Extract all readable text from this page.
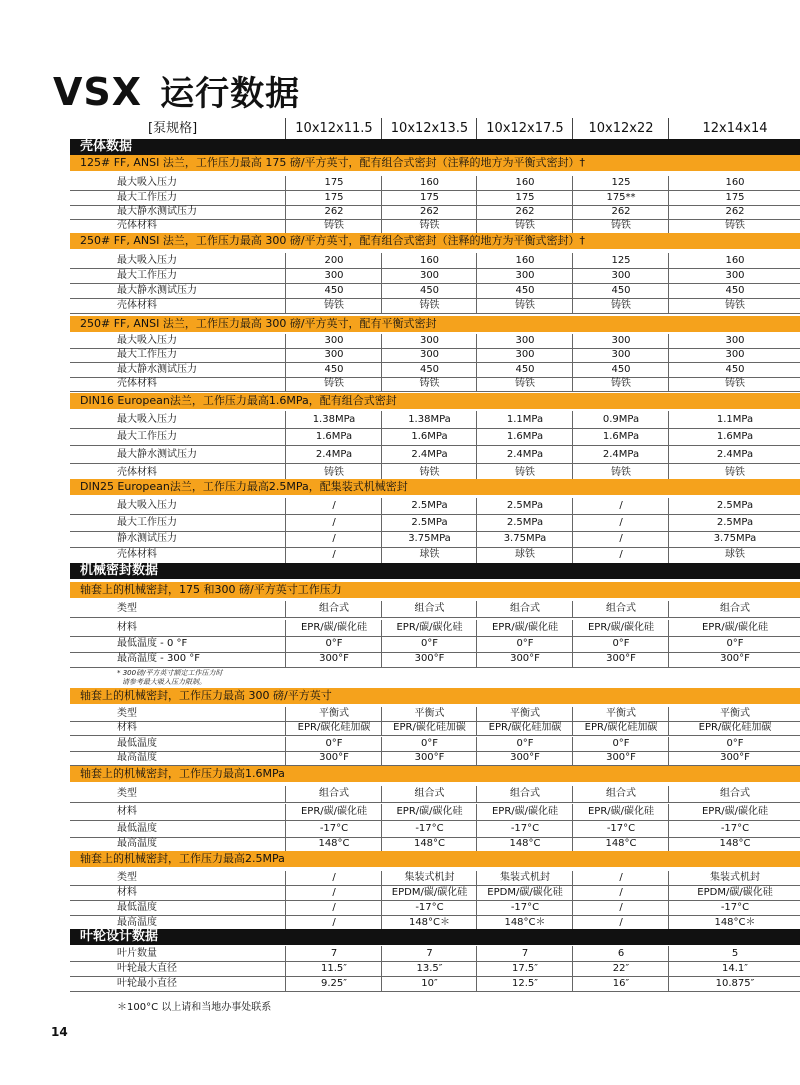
VSX 运行数据
[泵规格]	10x12x11.5	10x12x13.5	10x12x17.5	10x12x22	12x14x14
＊100°C 以上请和当地办事处联系
14
壳体数据
125# FF, ANSI 法兰，工作压力最高 175 磅/平方英寸，配有组合式密封（注释的地方为平衡式密封）†
最大吸入压力	175	160	160	125	160
最大工作压力	175	175	175	175**	175
最大静水测试压力	262	262	262	262	262
壳体材料	铸铁	铸铁	铸铁	铸铁	铸铁
250# FF, ANSI 法兰，工作压力最高 300 磅/平方英寸，配有组合式密封（注释的地方为平衡式密封）†
最大吸入压力	200	160	160	125	160
最大工作压力	300	300	300	300	300
最大静水测试压力	450	450	450	450	450
壳体材料	铸铁	铸铁	铸铁	铸铁	铸铁
250# FF, ANSI 法兰，工作压力最高 300 磅/平方英寸，配有平衡式密封
最大吸入压力	300	300	300	300	300
最大工作压力	300	300	300	300	300
最大静水测试压力	450	450	450	450	450
壳体材料	铸铁	铸铁	铸铁	铸铁	铸铁
DIN16 European法兰，工作压力最高1.6MPa，配有组合式密封
最大吸入压力	1.38MPa	1.38MPa	1.1MPa	0.9MPa	1.1MPa
最大工作压力	1.6MPa	1.6MPa	1.6MPa	1.6MPa	1.6MPa
最大静水测试压力	2.4MPa	2.4MPa	2.4MPa	2.4MPa	2.4MPa
壳体材料	铸铁	铸铁	铸铁	铸铁	铸铁
DIN25 European法兰，工作压力最高2.5MPa，配集装式机械密封
最大吸入压力	/	2.5MPa	2.5MPa	/	2.5MPa
最大工作压力	/	2.5MPa	2.5MPa	/	2.5MPa
静水测试压力	/	3.75MPa	3.75MPa	/	3.75MPa
壳体材料	/	球铁	球铁	/	球铁
机械密封数据
轴套上的机械密封，175 和300 磅/平方英寸工作压力
类型	组合式	组合式	组合式	组合式	组合式
材料	EPR/碳/碳化硅	EPR/碳/碳化硅	EPR/碳/碳化硅	EPR/碳/碳化硅	EPR/碳/碳化硅
最低温度 - 0 °F	0°F	0°F	0°F	0°F	0°F
最高温度 - 300 °F	300°F	300°F	300°F	300°F	300°F
* 300磅/平方英寸额定工作压力时
请参考最大吸入压力限制。
轴套上的机械密封，工作压力最高 300 磅/平方英寸
类型	平衡式	平衡式	平衡式	平衡式	平衡式
材料	EPR/碳化硅加碳	EPR/碳化硅加碳	EPR/碳化硅加碳	EPR/碳化硅加碳	EPR/碳化硅加碳
最低温度	0°F	0°F	0°F	0°F	0°F
最高温度	300°F	300°F	300°F	300°F	300°F
轴套上的机械密封，工作压力最高1.6MPa
类型	组合式	组合式	组合式	组合式	组合式
材料	EPR/碳/碳化硅	EPR/碳/碳化硅	EPR/碳/碳化硅	EPR/碳/碳化硅	EPR/碳/碳化硅
最低温度	-17°C	-17°C	-17°C	-17°C	-17°C
最高温度	148°C	148°C	148°C	148°C	148°C
轴套上的机械密封，工作压力最高2.5MPa
类型	/	集装式机封	集装式机封	/	集装式机封
材料	/	EPDM/碳/碳化硅	EPDM/碳/碳化硅	/	EPDM/碳/碳化硅
最低温度	/	-17°C	-17°C	/	-17°C
最高温度	/	148°C＊	148°C＊	/	148°C＊
叶轮设计数据
叶片数量	7	7	7	6	5
叶轮最大直径	11.5″	13.5″	17.5″	22″	14.1″
叶轮最小直径	9.25″	10″	12.5″	16″	10.875″
